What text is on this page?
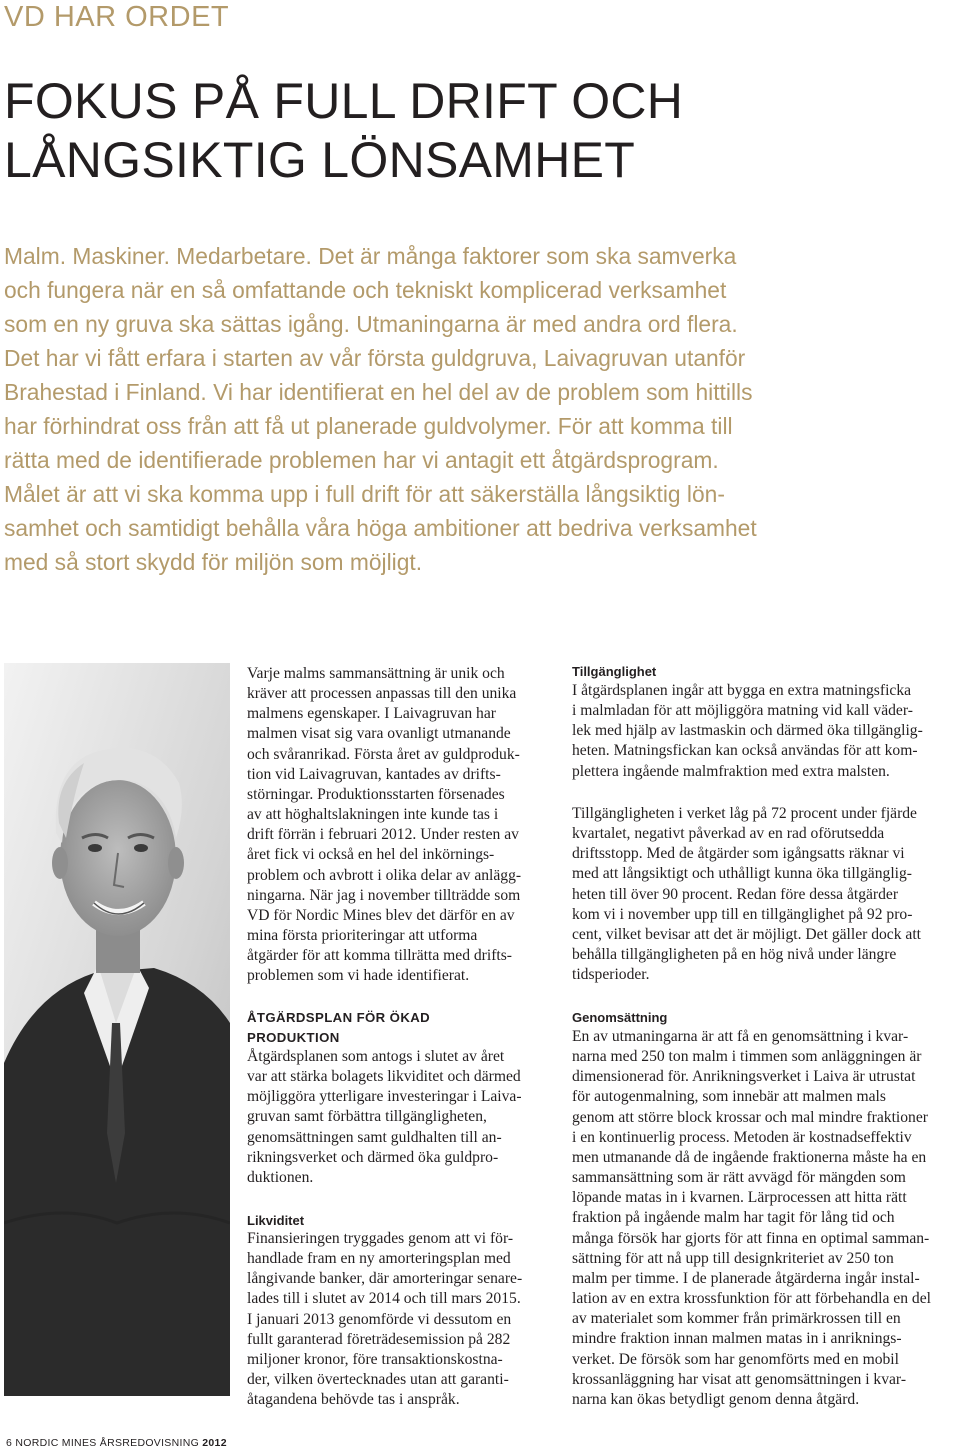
VD HAR ORDET
FOKUS PÅ FULL DRIFT OCH
LÅNGSIKTIG LÖNSAMHET
Malm. Maskiner. Medarbetare. Det är många faktorer som ska samverka
och fungera när en så omfattande och tekniskt komplicerad verksamhet
som en ny gruva ska sättas igång. Utmaningarna är med andra ord flera.
Det har vi fått erfara i starten av vår första guldgruva, Laivagruvan utanför
Brahestad i Finland. Vi har identifierat en hel del av de problem som hittills
har förhindrat oss från att få ut planerade guldvolymer. För att komma till
rätta med de identifierade problemen har vi antagit ett åtgärdsprogram.
Målet är att vi ska komma upp i full drift för att säkerställa långsiktig lön-
samhet och samtidigt behålla våra höga ambitioner att bedriva verksamhet
med så stort skydd för miljön som möjligt.
Varje malms sammansättning är unik och
kräver att processen anpassas till den unika
malmens egenskaper. I Laivagruvan har
malmen visat sig vara ovanligt utmanande
och svåranrikad. Första året av guldproduk-
tion vid Laivagruvan, kantades av drifts-
störningar. Produktionsstarten försenades
av att höghaltslakningen inte kunde tas i
drift förrän i februari 2012. Under resten av
året fick vi också en hel del inkörnings-
problem och avbrott i olika delar av anlägg-
ningarna. När jag i november tillträdde som
VD för Nordic Mines blev det därför en av
mina första prioriteringar att utforma
åtgärder för att komma tillrätta med drifts-
problemen som vi hade identifierat.
ÅTGÄRDSPLAN FÖR ÖKAD
PRODUKTION
Åtgärdsplanen som antogs i slutet av året
var att stärka bolagets likviditet och därmed
möjliggöra ytterligare investeringar i Laiva-
gruvan samt förbättra tillgängligheten,
genomsättningen samt guldhalten till an-
rikningsverket och därmed öka guldpro-
duktionen.
Likviditet
Finansieringen tryggades genom att vi för-
handlade fram en ny amorteringsplan med
långivande banker, där amorteringar senare-
lades till i slutet av 2014 och till mars 2015.
I januari 2013 genomförde vi dessutom en
fullt garanterad företrädesemission på 282
miljoner kronor, före transaktionskostna-
der, vilken övertecknades utan att garanti-
åtagandena behövde tas i anspråk.
Tillgänglighet
I åtgärdsplanen ingår att bygga en extra matningsficka
i malmladan för att möjliggöra matning vid kall väder-
lek med hjälp av lastmaskin och därmed öka tillgänglig-
heten. Matningsfickan kan också användas för att kom-
plettera ingående malmfraktion med extra malsten.
Tillgängligheten i verket låg på 72 procent under fjärde
kvartalet, negativt påverkad av en rad oförutsedda
driftsstopp. Med de åtgärder som igångsatts räknar vi
med att långsiktigt och uthålligt kunna öka tillgänglig-
heten till över 90 procent. Redan före dessa åtgärder
kom vi i november upp till en tillgänglighet på 92 pro-
cent, vilket bevisar att det är möjligt. Det gäller dock att
behålla tillgängligheten på en hög nivå under längre
tidsperioder.
Genomsättning
En av utmaningarna är att få en genomsättning i kvar-
narna med 250 ton malm i timmen som anläggningen är
dimensionerad för. Anrikningsverket i Laiva är utrustat
för autogenmalning, som innebär att malmen mals
genom att större block krossar och mal mindre fraktioner
i en kontinuerlig process. Metoden är kostnadseffektiv
men utmanande då de ingående fraktionerna måste ha en
sammansättning som är rätt avvägd för mängden som
löpande matas in i kvarnen. Lärprocessen att hitta rätt
fraktion på ingående malm har tagit för lång tid och
många försök har gjorts för att finna en optimal samman-
sättning för att nå upp till designkriteriet av 250 ton
malm per timme. I de planerade åtgärderna ingår instal-
lation av en extra krossfunktion för att förbehandla en del
av materialet som kommer från primärkrossen till en
mindre fraktion innan malmen matas in i anriknings-
verket. De försök som har genomförts med en mobil
krossanläggning har visat att genomsättningen i kvar-
narna kan ökas betydligt genom denna åtgärd.

6 NORDIC MINES ÅRSREDOVISNING 2012
